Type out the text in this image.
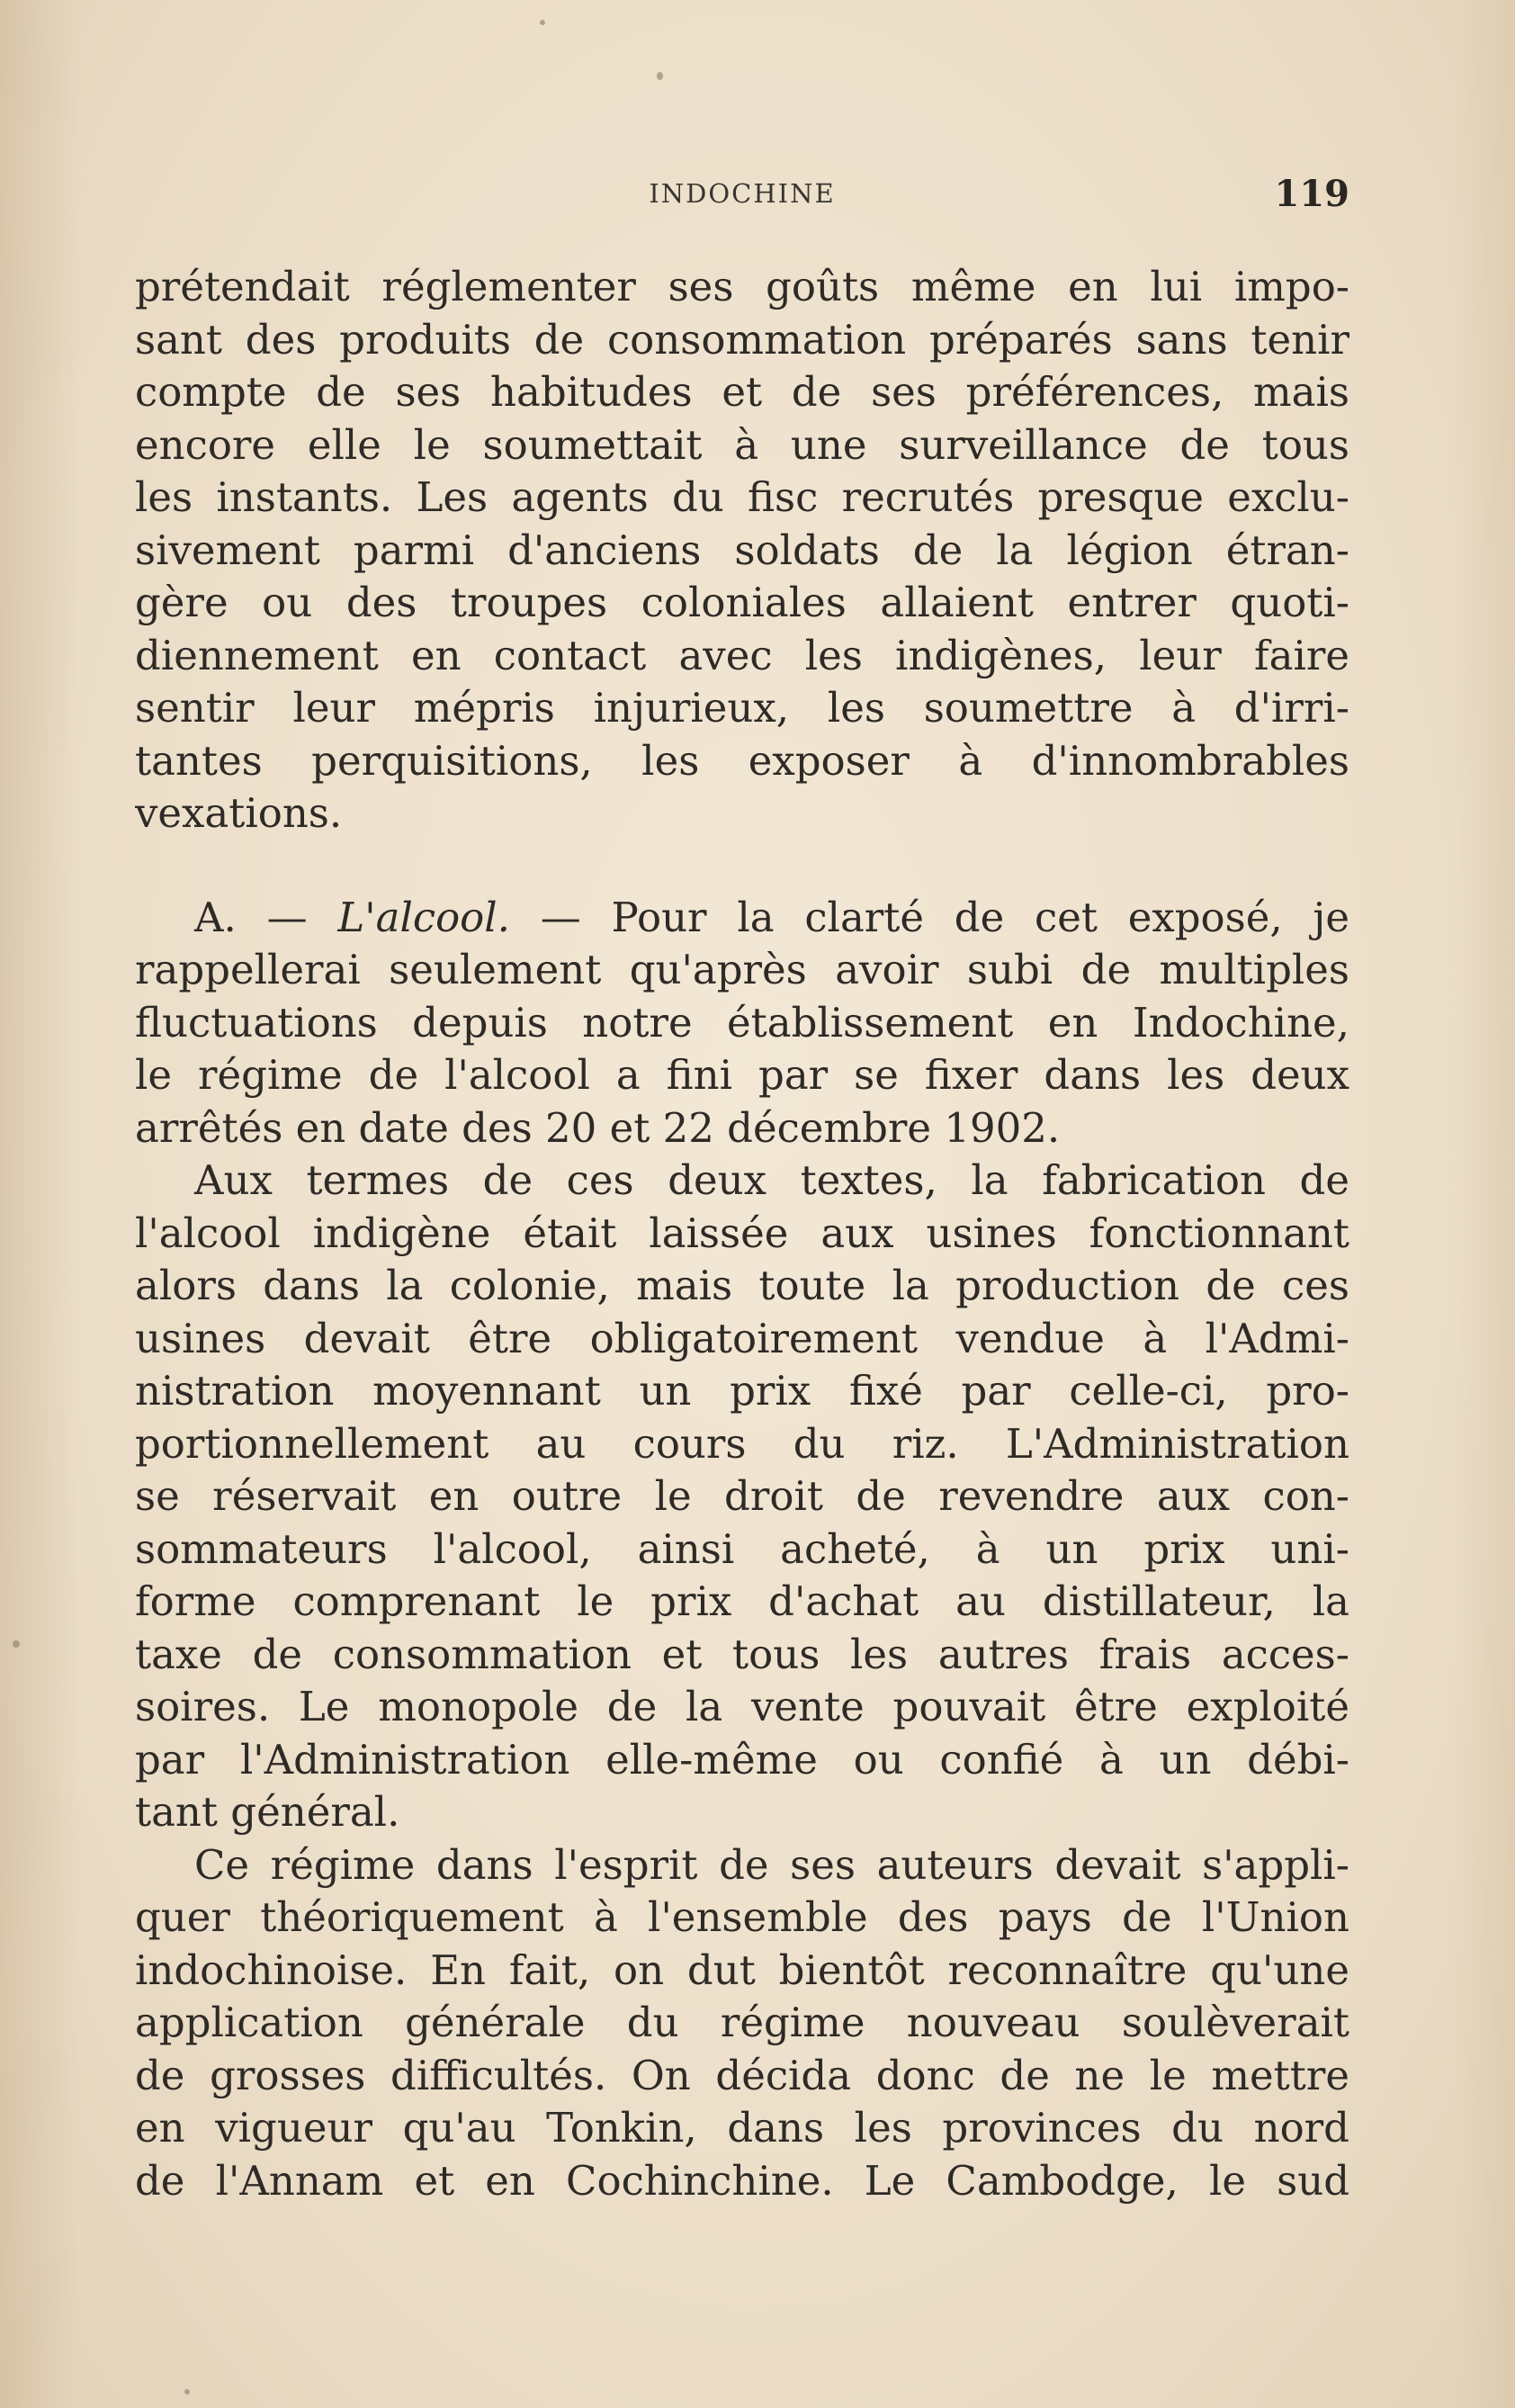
INDOCHINE	119
prétendait réglementer ses goûts même en lui impo-
sant des produits de consommation préparés sans tenir
compte de ses habitudes et de ses préférences, mais
encore elle le soumettait à une surveillance de tous
les instants. Les agents du fisc recrutés presque exclu-
sivement parmi d'anciens soldats de la légion étran-
gère ou des troupes coloniales allaient entrer quoti-
diennement en contact avec les indigènes, leur faire
sentir leur mépris injurieux, les soumettre à d'irri-
tantes perquisitions, les exposer à d'innombrables
vexations.
A. — L'alcool. — Pour la clarté de cet exposé, je
rappellerai seulement qu'après avoir subi de multiples
fluctuations depuis notre établissement en Indochine,
le régime de l'alcool a fini par se fixer dans les deux
arrêtés en date des 20 et 22 décembre 1902.
Aux termes de ces deux textes, la fabrication de
l'alcool indigène était laissée aux usines fonctionnant
alors dans la colonie, mais toute la production de ces
usines devait être obligatoirement vendue à l'Admi-
nistration moyennant un prix fixé par celle-ci, pro-
portionnellement au cours du riz. L'Administration
se réservait en outre le droit de revendre aux con-
sommateurs l'alcool, ainsi acheté, à un prix uni-
forme comprenant le prix d'achat au distillateur, la
taxe de consommation et tous les autres frais acces-
soires. Le monopole de la vente pouvait être exploité
par l'Administration elle-même ou confié à un débi-
tant général.
Ce régime dans l'esprit de ses auteurs devait s'appli-
quer théoriquement à l'ensemble des pays de l'Union
indochinoise. En fait, on dut bientôt reconnaître qu'une
application générale du régime nouveau soulèverait
de grosses difficultés. On décida donc de ne le mettre
en vigueur qu'au Tonkin, dans les provinces du nord
de l'Annam et en Cochinchine. Le Cambodge, le sud
